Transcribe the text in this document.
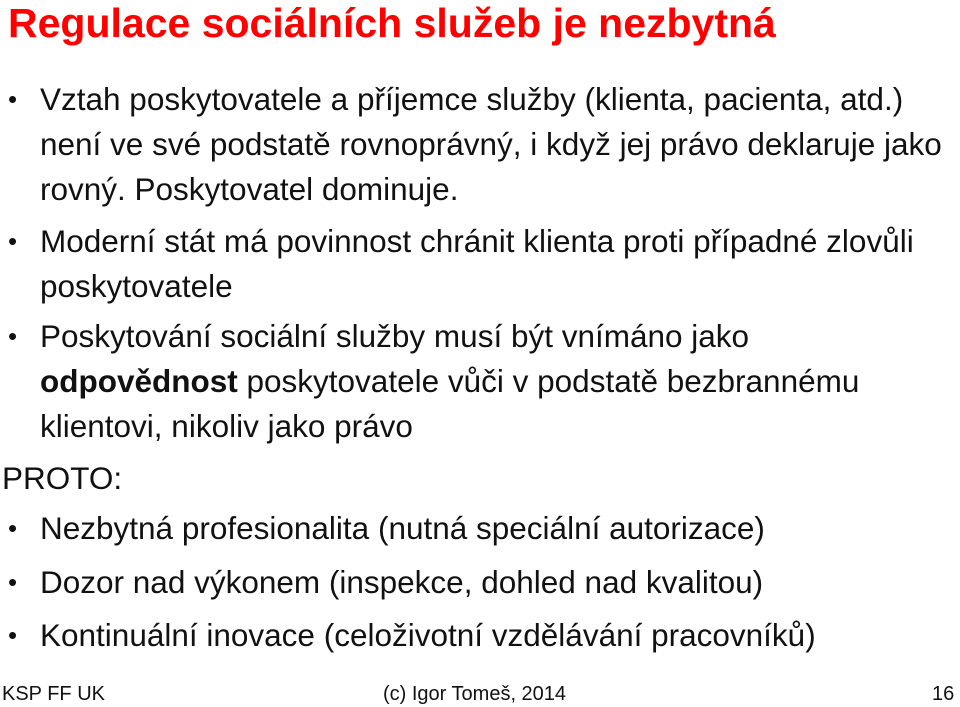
Regulace sociálních služeb je nezbytná
• Vztah poskytovatele a příjemce služby (klienta, pacienta, atd.) není ve své podstatě rovnoprávný, i když jej právo deklaruje jako rovný. Poskytovatel dominuje.
• Moderní stát má povinnost chránit klienta proti případné zlovůli poskytovatele
• Poskytování sociální služby musí být vnímáno jako odpovědnost poskytovatele vůči v podstatě bezbrannému klientovi, nikoliv jako právo
PROTO:
• Nezbytná profesionalita (nutná speciální autorizace)
• Dozor nad výkonem (inspekce, dohled nad kvalitou)
• Kontinuální inovace (celoživotní vzdělávání pracovníků)
KSP FF UK	(c) Igor Tomeš, 2014	16
